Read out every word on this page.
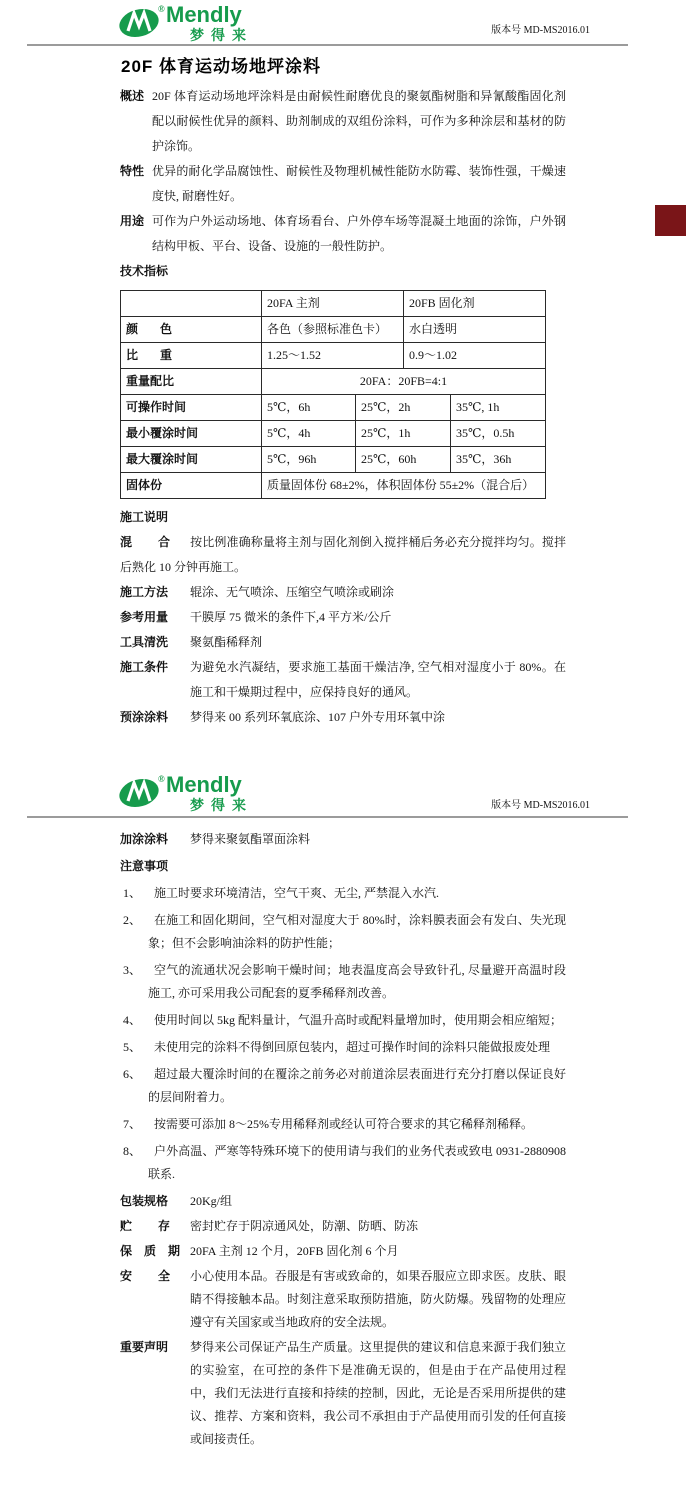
® Mendly
梦得来	版本号 MD-MS2016.01
20F 体育运动场地坪涂料

概述 20F 体育运动场地坪涂料是由耐候性耐磨优良的聚氨酯树脂和异氰酸酯固化剂配以耐候性优异的颜料、助剂制成的双组份涂料，可作为多种涂层和基材的防护涂饰。

特性 优异的耐化学品腐蚀性、耐候性及物理机械性能防水防霉、装饰性强，干燥速度快, 耐磨性好。

用途 可作为户外运动场地、体育场看台、户外停车场等混凝土地面的涂饰，户外钢结构甲板、平台、设备、设施的一般性防护。

技术指标

	20FA 主剂		20FB 固化剂	
颜色	各色（参照标准色卡）		水白透明	
比重	1.25～1.52		0.9～1.02	
重量配比	20FA：20FB=4:1			
可操作时间	5℃，6h	25℃，2h		35℃, 1h
最小覆涂时间	5℃，4h	25℃，1h		35℃，0.5h
最大覆涂时间	5℃，96h	25℃，60h		35℃，36h
固体份	质量固体份 68±2%，体积固体份 55±2%（混合后）			

施工说明

混合 按比例准确称量将主剂与固化剂倒入搅拌桶后务必充分搅拌均匀。搅拌后熟化 10 分钟再施工。

施工方法 辊涂、无气喷涂、压缩空气喷涂或刷涂

参考用量 干膜厚 75 微米的条件下,4 平方米/公斤

工具清洗 聚氨酯稀释剂

施工条件 为避免水汽凝结，要求施工基面干燥洁净, 空气相对湿度小于 80%。在施工和干燥期过程中，应保持良好的通风。

预涂涂料 梦得来 00 系列环氧底涂、107 户外专用环氧中涂

® Mendly
梦得来	版本号 MD-MS2016.01

加涂涂料 梦得来聚氨酯罩面涂料

注意事项

1、	施工时要求环境清洁，空气干爽、无尘, 严禁混入水汽.
2、	在施工和固化期间，空气相对湿度大于 80%时，涂料膜表面会有发白、失光现象；但不会影响油涂料的防护性能；
3、	空气的流通状况会影响干燥时间；地表温度高会导致针孔, 尽量避开高温时段施工, 亦可采用我公司配套的夏季稀释剂改善。
4、	使用时间以 5kg 配料量计，气温升高时或配料量增加时，使用期会相应缩短；
5、	未使用完的涂料不得倒回原包装内，超过可操作时间的涂料只能做报废处理
6、	超过最大覆涂时间的在覆涂之前务必对前道涂层表面进行充分打磨以保证良好的层间附着力。
7、	按需要可添加 8～25%专用稀释剂或经认可符合要求的其它稀释剂稀释。
8、	户外高温、严寒等特殊环境下的使用请与我们的业务代表或致电 0931-2880908 联系.

包装规格 20Kg/组

贮存 密封贮存于阴凉通风处，防潮、防晒、防冻

保质期 20FA 主剂 12 个月，20FB 固化剂 6 个月

安全 小心使用本品。吞服是有害或致命的，如果吞服应立即求医。皮肤、眼睛不得接触本品。时刻注意采取预防措施，防火防爆。残留物的处理应遵守有关国家或当地政府的安全法规。

重要声明 梦得来公司保证产品生产质量。这里提供的建议和信息来源于我们独立的实验室，在可控的条件下是准确无误的，但是由于在产品使用过程中，我们无法进行直接和持续的控制，因此，无论是否采用所提供的建议、推荐、方案和资料，我公司不承担由于产品使用而引发的任何直接或间接责任。
